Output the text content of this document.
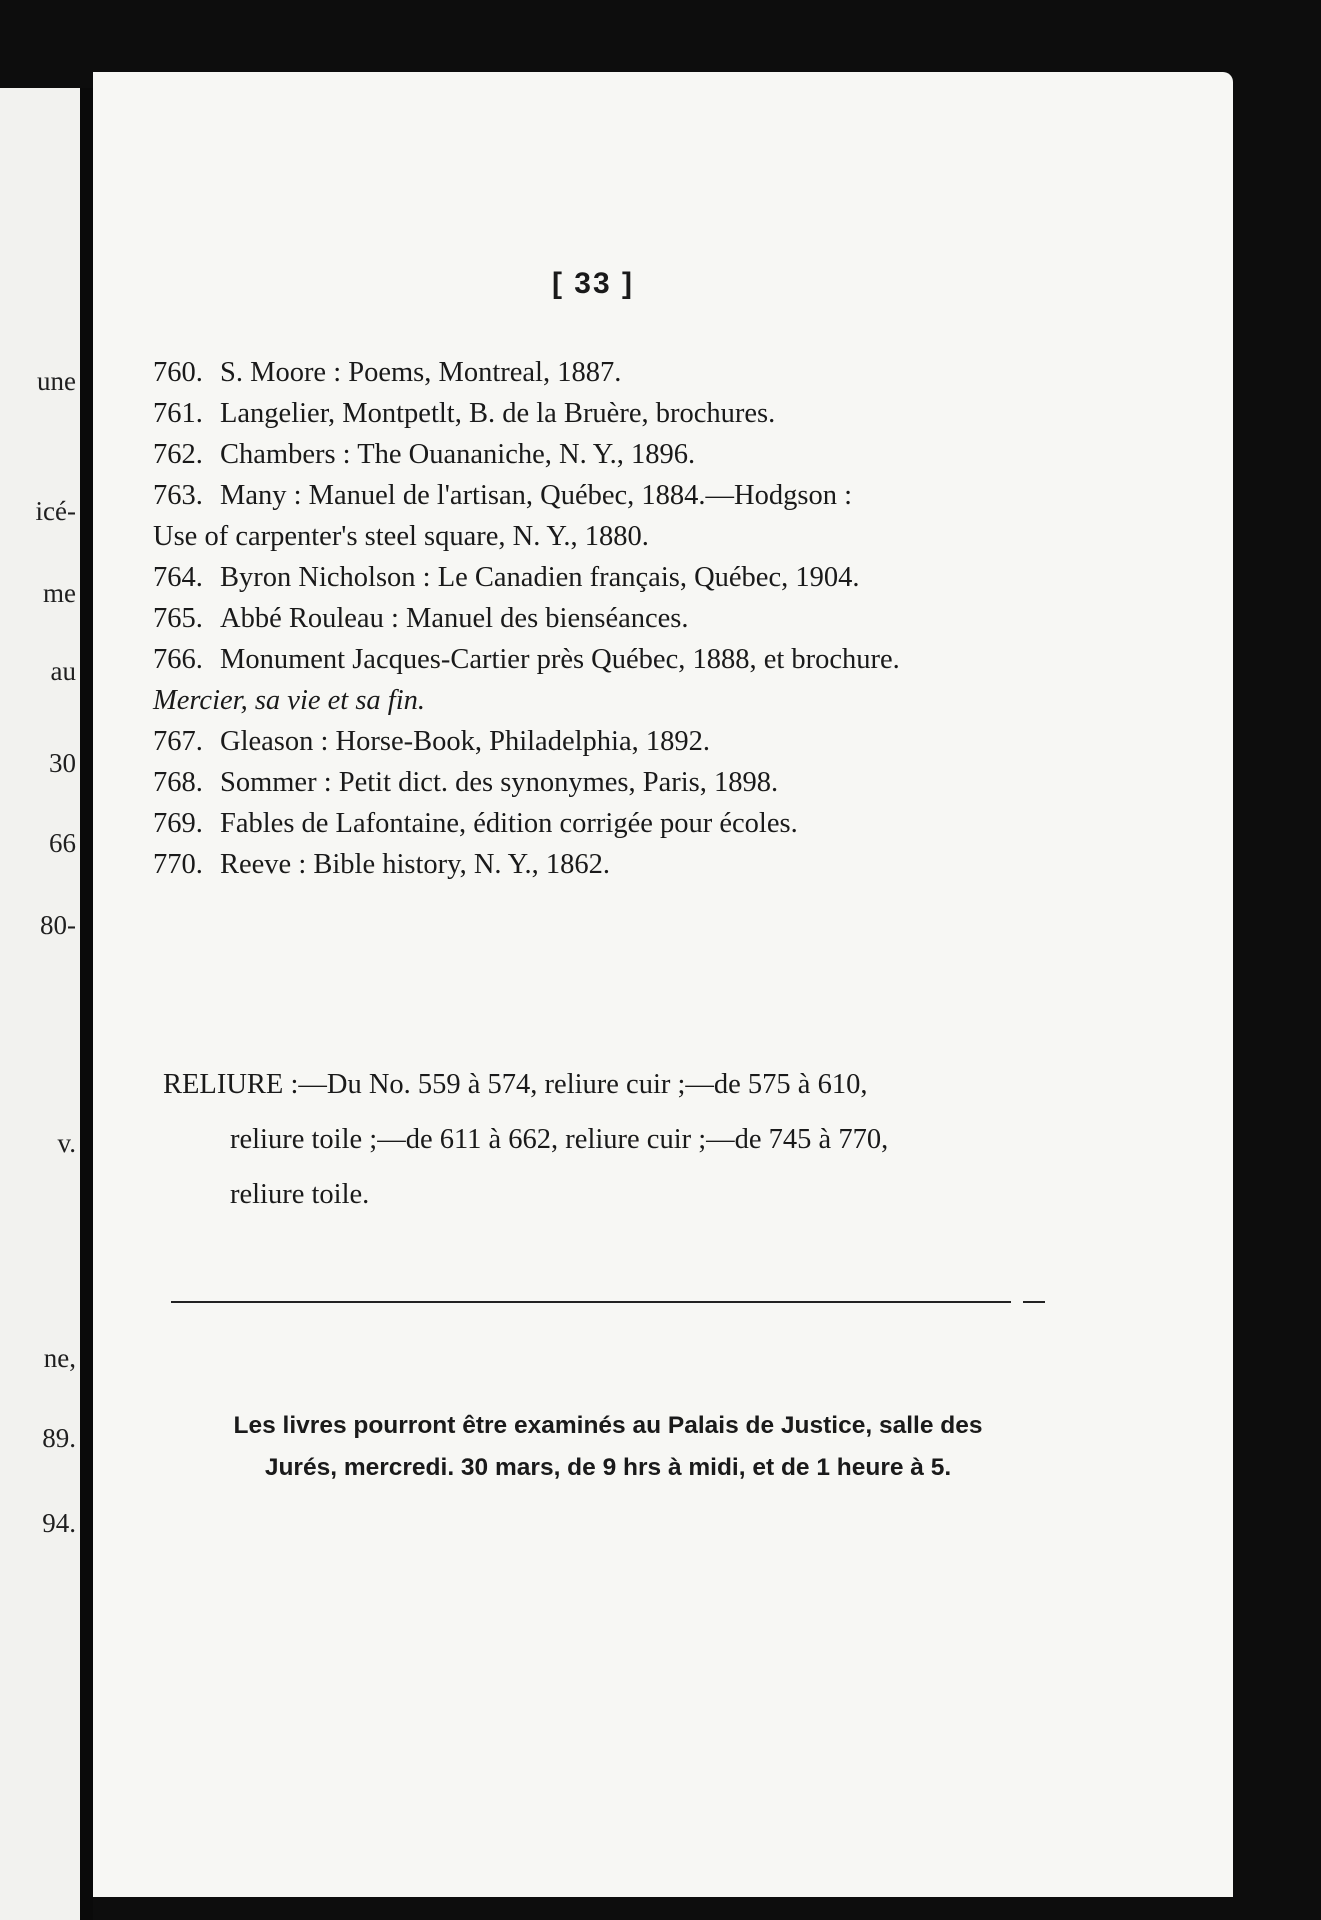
une
icé-
me
au
30
66
80-
v.
ne,
89.
94.
[ 33 ]
760. S. Moore : Poems, Montreal, 1887.
761. Langelier, Montpetlt, B. de la Bruère, brochures.
762. Chambers : The Ouananiche, N. Y., 1896.
763. Many : Manuel de l'artisan, Québec, 1884.—Hodgson :
Use of carpenter's steel square, N. Y., 1880.
764. Byron Nicholson : Le Canadien français, Québec, 1904.
765. Abbé Rouleau : Manuel des bienséances.
766. Monument Jacques-Cartier près Québec, 1888, et brochure.
Mercier, sa vie et sa fin.
767. Gleason : Horse-Book, Philadelphia, 1892.
768. Sommer : Petit dict. des synonymes, Paris, 1898.
769. Fables de Lafontaine, édition corrigée pour écoles.
770. Reeve : Bible history, N. Y., 1862.
RELIURE :—Du No. 559 à 574, reliure cuir ;—de 575 à 610,
reliure toile ;—de 611 à 662, reliure cuir ;—de 745 à 770,
reliure toile.
Les livres pourront être examinés au Palais de Justice, salle des
Jurés, mercredi. 30 mars, de 9 hrs à midi, et de 1 heure à 5.
